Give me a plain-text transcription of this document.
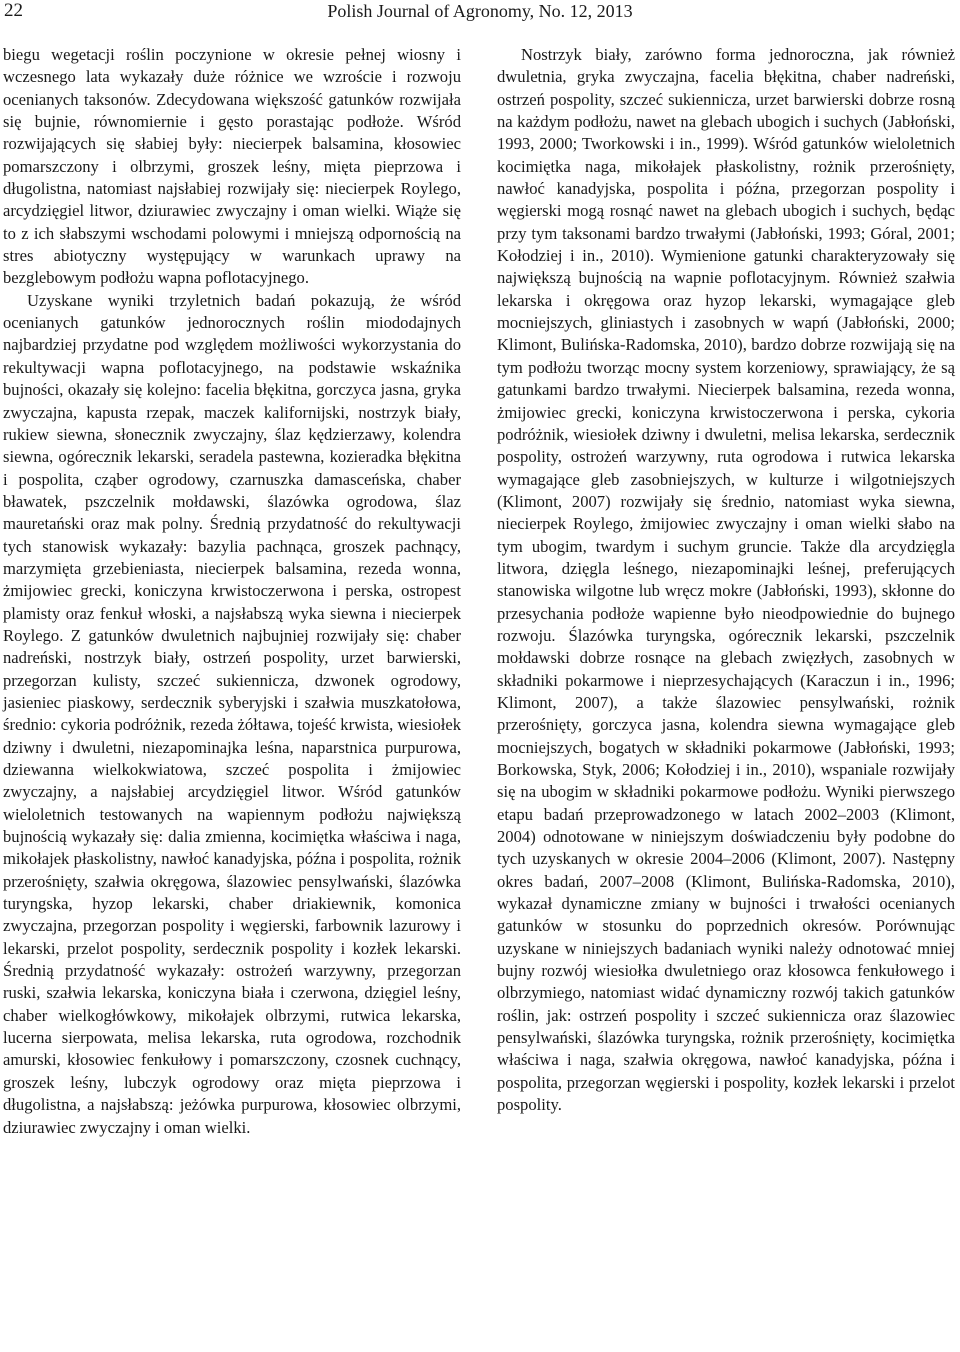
22	Polish Journal of Agronomy, No. 12, 2013

biegu wegetacji roślin poczynione w okresie pełnej wiosny i wczesnego lata wykazały duże różnice we wzroście i rozwoju ocenianych taksonów. Zdecydowana większość gatunków rozwijała się bujnie, równomiernie i gęsto porastając podłoże. Wśród rozwijających się słabiej były: niecierpek balsamina, kłosowiec pomarszczony i olbrzymi, groszek leśny, mięta pieprzowa i długolistna, natomiast najsłabiej rozwijały się: niecierpek Roylego, arcydzięgiel litwor, dziurawiec zwyczajny i oman wielki. Wiąże się to z ich słabszymi wschodami polowymi i mniejszą odpornością na stres abiotyczny występujący w warunkach uprawy na bezglebowym podłożu wapna poflotacyjnego.

Uzyskane wyniki trzyletnich badań pokazują, że wśród ocenianych gatunków jednorocznych roślin miododajnych najbardziej przydatne pod względem możliwości wykorzystania do rekultywacji wapna poflotacyjnego, na podstawie wskaźnika bujności, okazały się kolejno: facelia błękitna, gorczyca jasna, gryka zwyczajna, kapusta rzepak, maczek kalifornijski, nostrzyk biały, rukiew siewna, słonecznik zwyczajny, ślaz kędzierzawy, kolendra siewna, ogórecznik lekarski, seradela pastewna, kozieradka błękitna i pospolita, cząber ogrodowy, czarnuszka damasceńska, chaber bławatek, pszczelnik mołdawski, ślazówka ogrodowa, ślaz mauretański oraz mak polny. Średnią przydatność do rekultywacji tych stanowisk wykazały: bazylia pachnąca, groszek pachnący, marzymięta grzebieniasta, niecierpek balsamina, rezeda wonna, żmijowiec grecki, koniczyna krwistoczerwona i perska, ostropest plamisty oraz fenkuł włoski, a najsłabszą wyka siewna i niecierpek Roylego. Z gatunków dwuletnich najbujniej rozwijały się: chaber nadreński, nostrzyk biały, ostrzeń pospolity, urzet barwierski, przegorzan kulisty, szczeć sukienniczа, dzwonek ogrodowy, jasieniec piaskowy, serdecznik syberyjski i szałwia muszkatołowa, średnio: cykoria podróżnik, rezeda żółtawa, tojeść krwista, wiesiołek dziwny i dwuletni, niezapominajka leśna, naparstnica purpurowa, dziewanna wielkokwiatowa, szczeć pospolita i żmijowiec zwyczajny, a najsłabiej arcydzięgiel litwor. Wśród gatunków wieloletnich testowanych na wapiennym podłożu największą bujnością wykazały się: dalia zmienna, kocimiętka właściwa i naga, mikołajek płaskolistny, nawłoć kanadyjska, późna i pospolita, rożnik przerośnięty, szałwia okręgowa, ślazowiec pensylwański, ślazówka turyngska, hyzop lekarski, chaber driakiewnik, komonica zwyczajna, przegorzan pospolity i węgierski, farbownik lazurowy i lekarski, przelot pospolity, serdecznik pospolity i kozłek lekarski. Średnią przydatność wykazały: ostrożeń warzywny, przegorzan ruski, szałwia lekarska, koniczyna biała i czerwona, dzięgiel leśny, chaber wielkogłówkowy, mikołajek olbrzymi, rutwica lekarska, lucerna sierpowata, melisa lekarska, ruta ogrodowa, rozchodnik amurski, kłosowiec fenkułowy i pomarszczony, czosnek cuchnący, groszek leśny, lubczyk ogrodowy oraz mięta pieprzowa i długolistna, a najsłabszą: jeżówka purpurowa, kłosowiec olbrzymi, dziurawiec zwyczajny i oman wielki.

Nostrzyk biały, zarówno forma jednoroczna, jak również dwuletnia, gryka zwyczajna, facelia błękitna, chaber nadreński, ostrzeń pospolity, szczeć sukiennicza, urzet barwierski dobrze rosną na każdym podłożu, nawet na glebach ubogich i suchych (Jabłoński, 1993, 2000; Tworkowski i in., 1999). Wśród gatunków wieloletnich kocimiętka naga, mikołajek płaskolistny, rożnik przerośnięty, nawłoć kanadyjska, pospolita i późna, przegorzan pospolity i węgierski mogą rosnąć nawet na glebach ubogich i suchych, będąc przy tym taksonami bardzo trwałymi (Jabłoński, 1993; Góral, 2001; Kołodziej i in., 2010). Wymienione gatunki charakteryzowały się największą bujnością na wapnie poflotacyjnym. Również szałwia lekarska i okręgowa oraz hyzop lekarski, wymagające gleb mocniejszych, gliniastych i zasobnych w wapń (Jabłoński, 2000; Klimont, Bulińska-Radomska, 2010), bardzo dobrze rozwijają się na tym podłożu tworząc mocny system korzeniowy, sprawiający, że są gatunkami bardzo trwałymi. Niecierpek balsamina, rezeda wonna, żmijowiec grecki, koniczyna krwistoczerwona i perska, cykoria podróżnik, wiesiołek dziwny i dwuletni, melisa lekarska, serdecznik pospolity, ostrożeń warzywny, ruta ogrodowa i rutwica lekarska wymagające gleb zasobniejszych, w kulturze i wilgotniejszych (Klimont, 2007) rozwijały się średnio, natomiast wyka siewna, niecierpek Roylego, żmijowiec zwyczajny i oman wielki słabo na tym ubogim, twardym i suchym gruncie. Także dla arcydzięgla litwora, dzięgla leśnego, niezapominajki leśnej, preferujących stanowiska wilgotne lub wręcz mokre (Jabłoński, 1993), skłonne do przesychania podłoże wapienne było nieodpowiednie do bujnego rozwoju. Ślazówka turyngska, ogórecznik lekarski, pszczelnik mołdawski dobrze rosnące na glebach zwięzłych, zasobnych w składniki pokarmowe i nieprzesychających (Karaczun i in., 1996; Klimont, 2007), a także ślazowiec pensylwański, rożnik przerośnięty, gorczyca jasna, kolendra siewna wymagające gleb mocniejszych, bogatych w składniki pokarmowe (Jabłoński, 1993; Borkowska, Styk, 2006; Kołodziej i in., 2010), wspaniale rozwijały się na ubogim w składniki pokarmowe podłożu. Wyniki pierwszego etapu badań przeprowadzonego w latach 2002–2003 (Klimont, 2004) odnotowane w niniejszym doświadczeniu były podobne do tych uzyskanych w okresie 2004–2006 (Klimont, 2007). Następny okres badań, 2007–2008 (Klimont, Bulińska-Radomska, 2010), wykazał dynamiczne zmiany w bujności i trwałości ocenianych gatunków w stosunku do poprzednich okresów. Porównując uzyskane w niniejszych badaniach wyniki należy odnotować mniej bujny rozwój wiesiołka dwuletniego oraz kłosowca fenkułowego i olbrzymiego, natomiast widać dynamiczny rozwój takich gatunków roślin, jak: ostrzeń pospolity i szczeć sukiennicza oraz ślazowiec pensylwański, ślazówka turyngska, rożnik przerośnięty, kocimiętka właściwa i naga, szałwia okręgowa, nawłoć kanadyjska, późna i pospolita, przegorzan węgierski i pospolity, kozłek lekarski i przelot pospolity.
